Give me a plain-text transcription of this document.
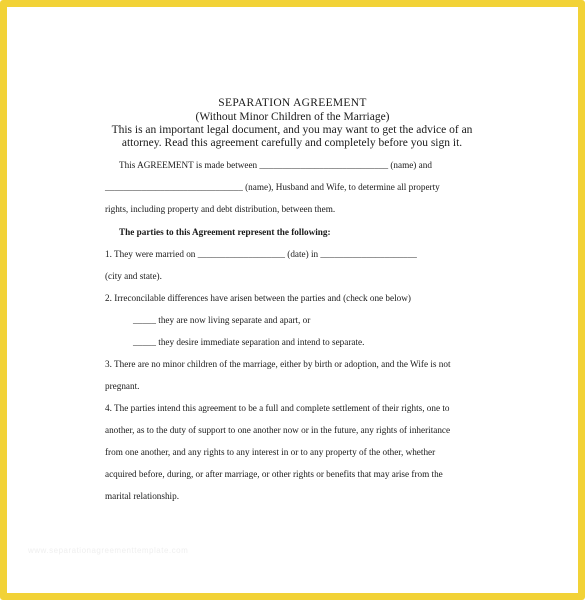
SEPARATION AGREEMENT
(Without Minor Children of the Marriage)
This is an important legal document, and you may want to get the advice of an attorney. Read this agreement carefully and completely before you sign it.
This AGREEMENT is made between ____________________________ (name) and
______________________________ (name), Husband and Wife, to determine all property
rights, including property and debt distribution, between them.
The parties to this Agreement represent the following:
1. They were married on ___________________ (date) in _____________________
(city and state).
2. Irreconcilable differences have arisen between the parties and (check one below)
_____ they are now living separate and apart, or
_____ they desire immediate separation and intend to separate.
3. There are no minor children of the marriage, either by birth or adoption, and the Wife is not
pregnant.
4. The parties intend this agreement to be a full and complete settlement of their rights, one to
another, as to the duty of support to one another now or in the future, any rights of inheritance
from one another, and any rights to any interest in or to any property of the other, whether
acquired before, during, or after marriage, or other rights or benefits that may arise from the
marital relationship.
www.separationagreementtemplate.com
